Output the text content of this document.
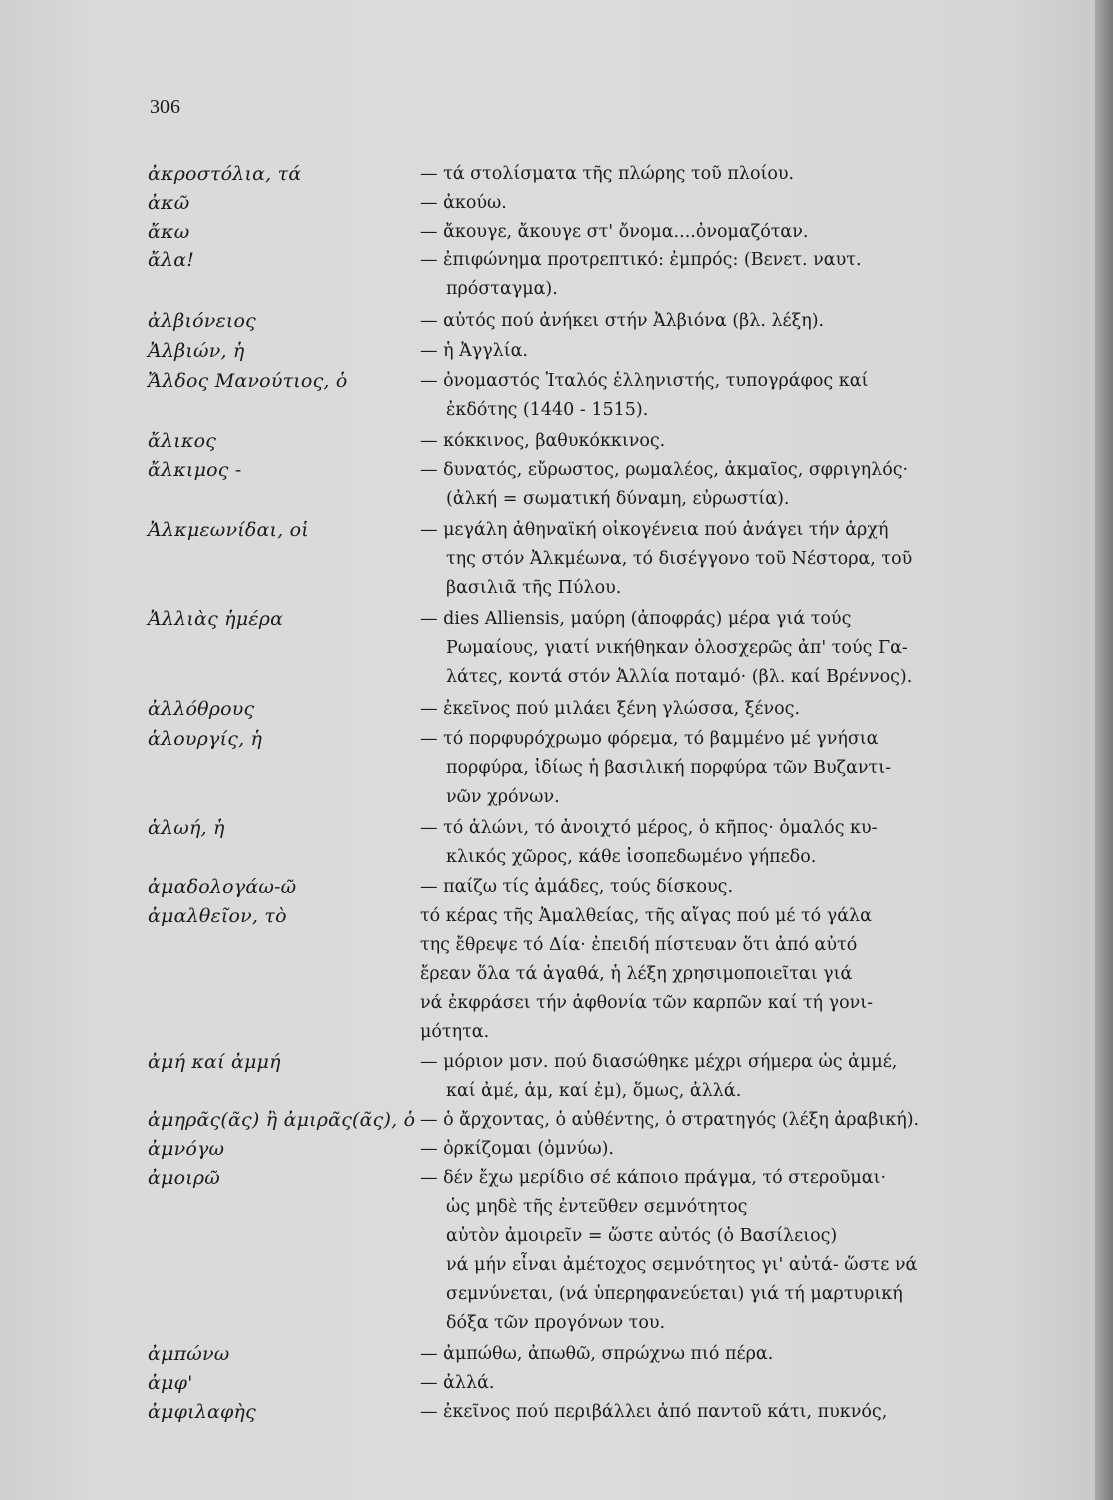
306
ἀκροστόλια, τά	— τά στολίσματα τῆς πλώρης τοῦ πλοίου.
ἀκῶ	— ἀκούω.
ἄκω	— ἄκουγε, ἄκουγε στ' ὄνομα....ὀνομαζόταν.
ἄλα!	— ἐπιφώνημα προτρεπτικό: ἐμπρός: (Βενετ. ναυτ.
πρόσταγμα).
ἀλβιόνειος	— αὐτός πού ἀνήκει στήν Ἀλβιόνα (βλ. λέξη).
Ἀλβιών, ἡ	— ἡ Ἀγγλία.
Ἄλδος Μανούτιος, ὁ	— ὀνομαστός Ἰταλός ἑλληνιστής, τυπογράφος καί
ἐκδότης (1440 - 1515).
ἄλικος	— κόκκινος, βαθυκόκκινος.
ἄλκιμος -	— δυνατός, εὔρωστος, ρωμαλέος, ἀκμαῖος, σφριγηλός·
(ἀλκή = σωματική δύναμη, εὐρωστία).
Ἀλκμεωνίδαι, οἱ	— μεγάλη ἀθηναϊκή οἰκογένεια πού ἀνάγει τήν ἀρχή
της στόν Ἀλκμέωνα, τό δισέγγονο τοῦ Νέστορα, τοῦ
βασιλιᾶ τῆς Πύλου.
Ἀλλιὰς ἡμέρα	— dies Alliensis, μαύρη (ἀποφράς) μέρα γιά τούς
Ρωμαίους, γιατί νικήθηκαν ὁλοσχερῶς ἀπ' τούς Γα-
λάτες, κοντά στόν Ἀλλία ποταμό· (βλ. καί Βρέννος).
ἀλλόθρους	— ἐκεῖνος πού μιλάει ξένη γλώσσα, ξένος.
ἁλουργίς, ἡ	— τό πορφυρόχρωμο φόρεμα, τό βαμμένο μέ γνήσια
πορφύρα, ἰδίως ἡ βασιλική πορφύρα τῶν Βυζαντι-
νῶν χρόνων.
ἁλωή, ἡ	— τό ἁλώνι, τό ἀνοιχτό μέρος, ὁ κῆπος· ὁμαλός κυ-
κλικός χῶρος, κάθε ἰσοπεδωμένο γήπεδο.
ἀμαδολογάω-ῶ	— παίζω τίς ἀμάδες, τούς δίσκους.
ἀμαλθεῖον, τὸ	τό κέρας τῆς Ἀμαλθείας, τῆς αἴγας πού μέ τό γάλα
της ἔθρεψε τό Δία· ἐπειδή πίστευαν ὅτι ἀπό αὐτό
ἔρεαν ὅλα τά ἀγαθά, ἡ λέξη χρησιμοποιεῖται γιά
νά ἐκφράσει τήν ἀφθονία τῶν καρπῶν καί τή γονι-
μότητα.
ἀμή καί ἀμμή	— μόριον μσν. πού διασώθηκε μέχρι σήμερα ὡς ἀμμέ,
καί ἀμέ, ἀμ, καί ἐμ), ὅμως, ἀλλά.
ἀμηρᾶς(ᾶς) ἢ ἀμιρᾶς(ᾶς), ὁ — ὁ ἄρχοντας, ὁ αὐθέντης, ὁ στρατηγός (λέξη ἀραβική).
ἀμνόγω	— ὀρκίζομαι (ὀμνύω).
ἀμοιρῶ	— δέν ἔχω μερίδιο σέ κάποιο πράγμα, τό στεροῦμαι·
ὡς μηδὲ τῆς ἐντεῦθεν σεμνότητος
αὐτὸν ἀμοιρεῖν = ὥστε αὐτός (ὁ Βασίλειος)
νά μήν εἶναι ἀμέτοχος σεμνότητος γι' αὐτά- ὥστε νά
σεμνύνεται, (νά ὑπερηφανεύεται) γιά τή μαρτυρική
δόξα τῶν προγόνων του.
ἀμπώνω	— ἀμπώθω, ἀπωθῶ, σπρώχνω πιό πέρα.
ἀμφ'	— ἀλλά.
ἀμφιλαφὴς	— ἐκεῖνος πού περιβάλλει ἀπό παντοῦ κάτι, πυκνός,
